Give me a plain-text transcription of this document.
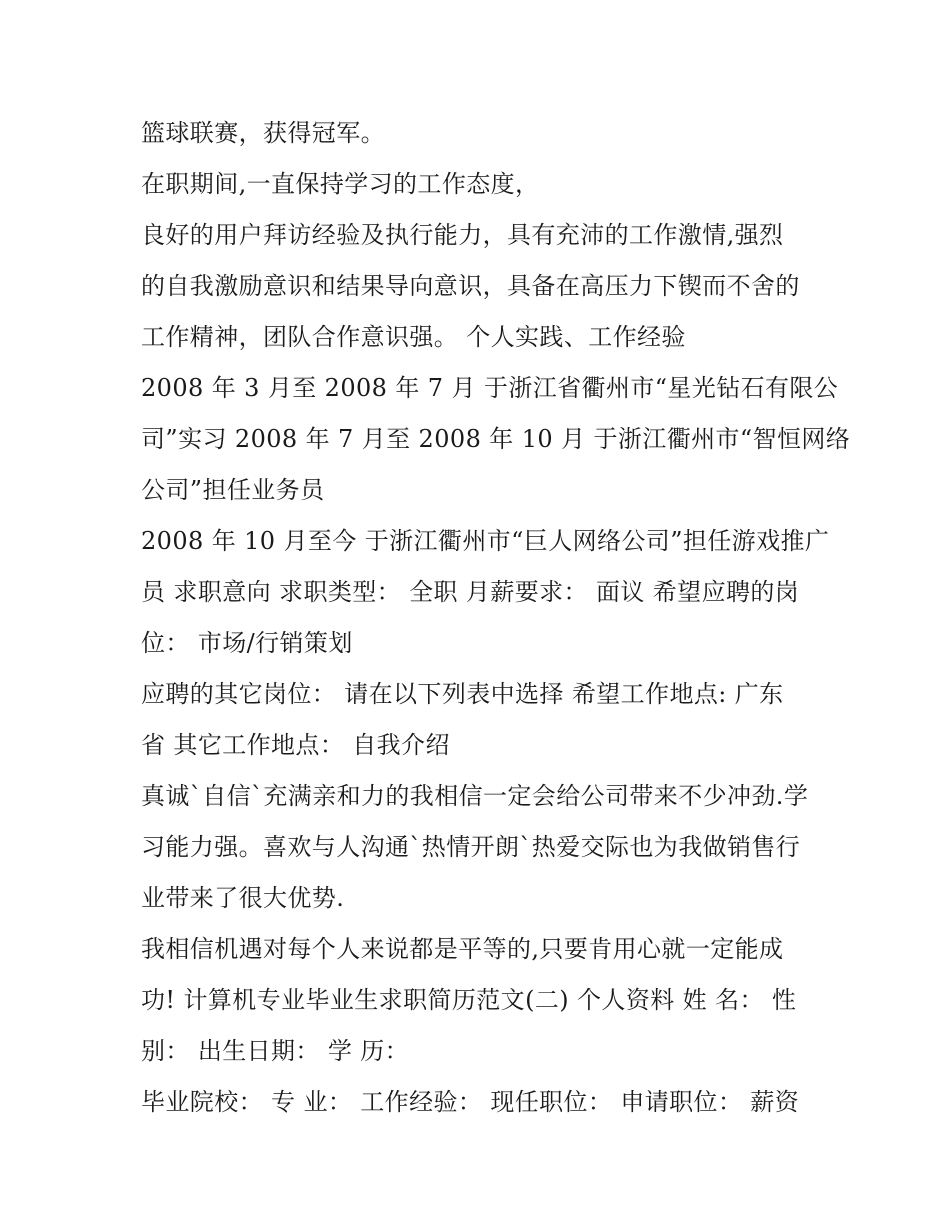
篮球联赛，获得冠军。
在职期间,一直保持学习的工作态度，
良好的用户拜访经验及执行能力，具有充沛的工作激情,强烈
的自我激励意识和结果导向意识，具备在高压力下锲而不舍的
工作精神，团队合作意识强。 个人实践、工作经验
2008 年 3 月至 2008 年 7 月 于浙江省衢州市“星光钻石有限公
司”实习 2008 年 7 月至 2008 年 10 月 于浙江衢州市“智恒网络
公司”担任业务员
2008 年 10 月至今 于浙江衢州市“巨人网络公司”担任游戏推广
员 求职意向 求职类型： 全职 月薪要求： 面议 希望应聘的岗
位： 市场/行销策划
应聘的其它岗位： 请在以下列表中选择 希望工作地点: 广东
省 其它工作地点： 自我介绍
真诚`自信`充满亲和力的我相信一定会给公司带来不少冲劲.学
习能力强。喜欢与人沟通`热情开朗`热爱交际也为我做销售行
业带来了很大优势.
我相信机遇对每个人来说都是平等的,只要肯用心就一定能成
功! 计算机专业毕业生求职简历范文(二) 个人资料 姓 名： 性
别： 出生日期： 学 历：
毕业院校： 专 业： 工作经验： 现任职位： 申请职位： 薪资
